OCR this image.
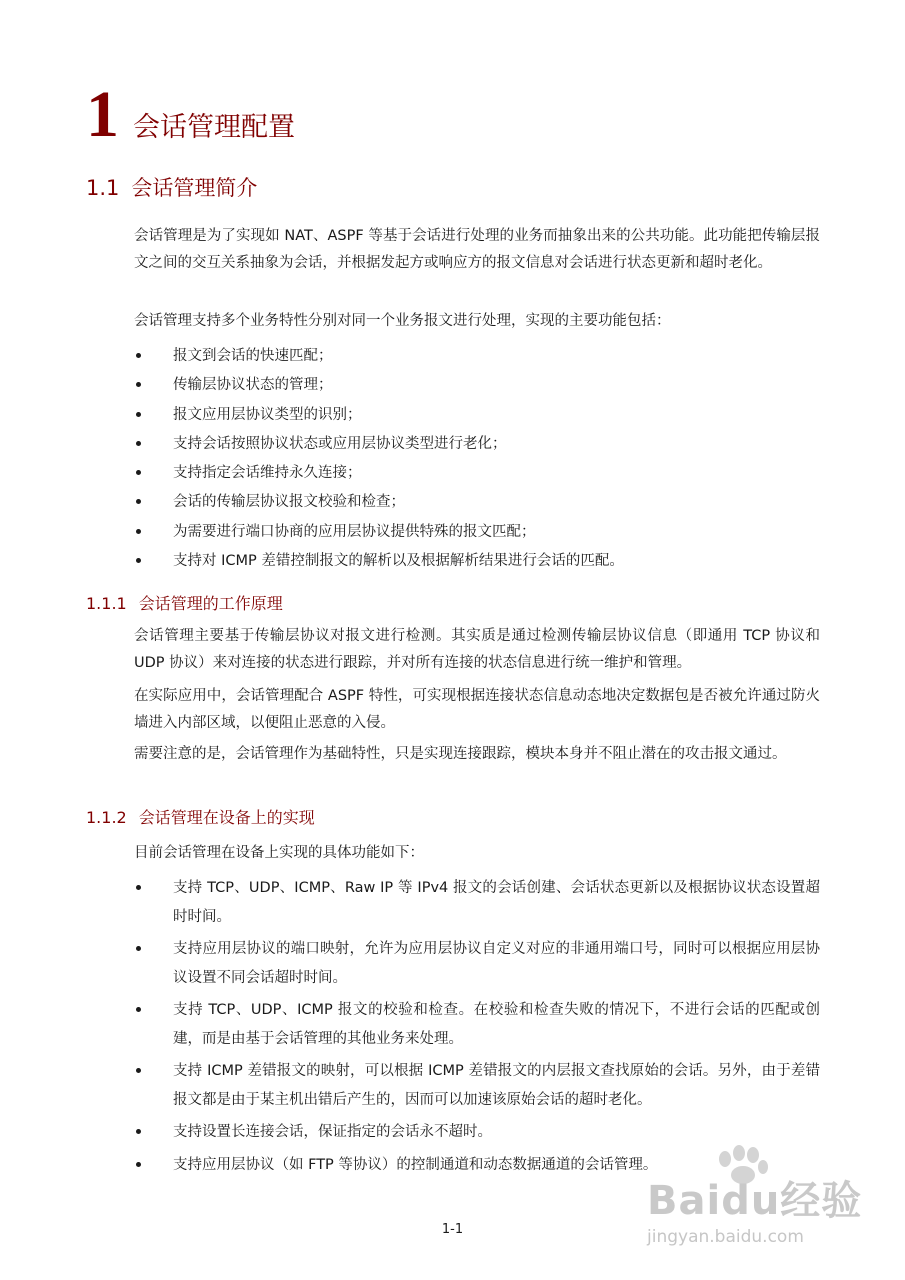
1 会话管理配置
1.1 会话管理简介

会话管理是为了实现如 NAT、ASPF 等基于会话进行处理的业务而抽象出来的公共功能。此功能把传输层报文之间的交互关系抽象为会话，并根据发起方或响应方的报文信息对会话进行状态更新和超时老化。

会话管理支持多个业务特性分别对同一个业务报文进行处理，实现的主要功能包括：

报文到会话的快速匹配；
传输层协议状态的管理；
报文应用层协议类型的识别；
支持会话按照协议状态或应用层协议类型进行老化；
支持指定会话维持永久连接；
会话的传输层协议报文校验和检查；
为需要进行端口协商的应用层协议提供特殊的报文匹配；
支持对 ICMP 差错控制报文的解析以及根据解析结果进行会话的匹配。
1.1.1 会话管理的工作原理

会话管理主要基于传输层协议对报文进行检测。其实质是通过检测传输层协议信息（即通用 TCP 协议和 UDP 协议）来对连接的状态进行跟踪，并对所有连接的状态信息进行统一维护和管理。

在实际应用中，会话管理配合 ASPF 特性，可实现根据连接状态信息动态地决定数据包是否被允许通过防火墙进入内部区域，以便阻止恶意的入侵。

需要注意的是，会话管理作为基础特性，只是实现连接跟踪，模块本身并不阻止潜在的攻击报文通过。

1.1.2 会话管理在设备上的实现

目前会话管理在设备上实现的具体功能如下：

支持 TCP、UDP、ICMP、Raw IP 等 IPv4 报文的会话创建、会话状态更新以及根据协议状态设置超时时间。
支持应用层协议的端口映射，允许为应用层协议自定义对应的非通用端口号，同时可以根据应用层协议设置不同会话超时时间。
支持 TCP、UDP、ICMP 报文的校验和检查。在校验和检查失败的情况下，不进行会话的匹配或创建，而是由基于会话管理的其他业务来处理。
支持 ICMP 差错报文的映射，可以根据 ICMP 差错报文的内层报文查找原始的会话。另外，由于差错报文都是由于某主机出错后产生的，因而可以加速该原始会话的超时老化。
支持设置长连接会话，保证指定的会话永不超时。
支持应用层协议（如 FTP 等协议）的控制通道和动态数据通道的会话管理。
1-1
Baidu经验
jingyan.baidu.com
